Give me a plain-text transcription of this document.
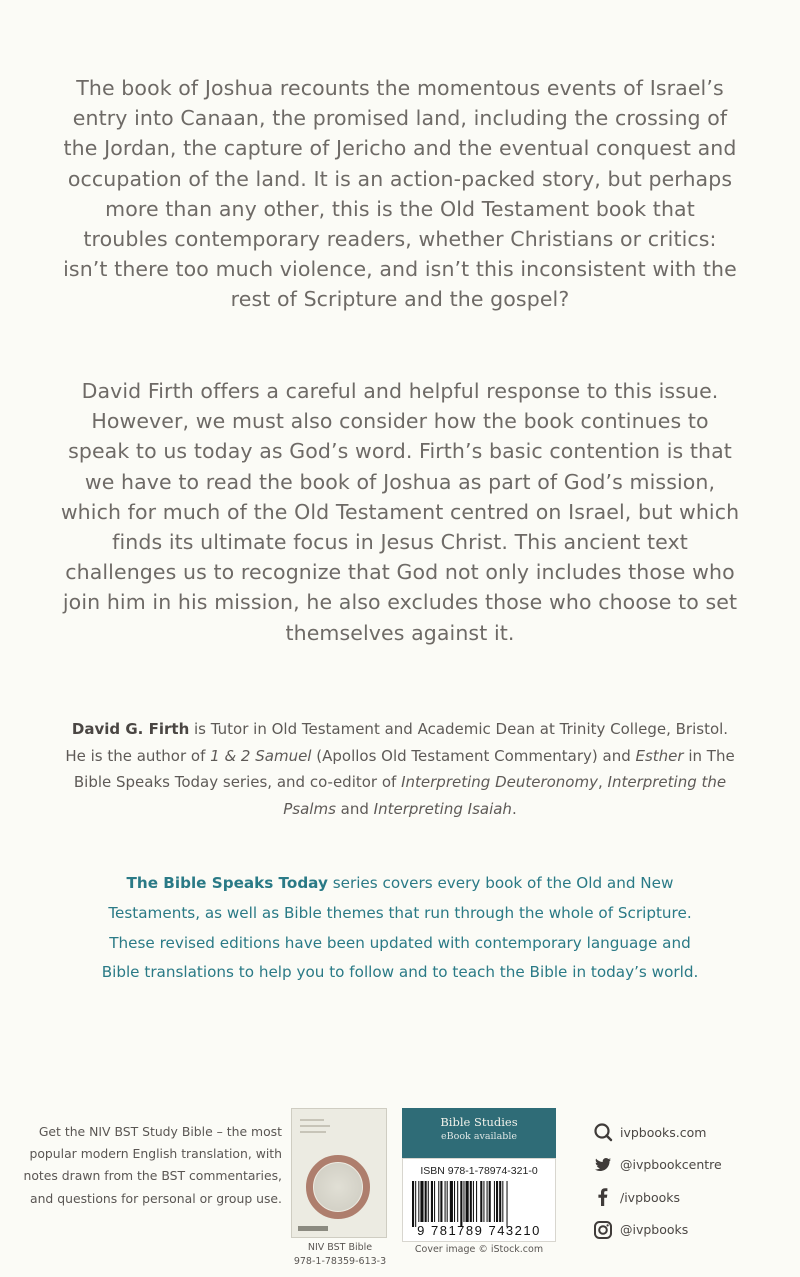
The book of Joshua recounts the momentous events of Israel’s entry into Canaan, the promised land, including the crossing of the Jordan, the capture of Jericho and the eventual conquest and occupation of the land. It is an action-packed story, but perhaps more than any other, this is the Old Testament book that troubles contemporary readers, whether Christians or critics: isn’t there too much violence, and isn’t this inconsistent with the rest of Scripture and the gospel?

David Firth offers a careful and helpful response to this issue. However, we must also consider how the book continues to speak to us today as God’s word. Firth’s basic contention is that we have to read the book of Joshua as part of God’s mission, which for much of the Old Testament centred on Israel, but which finds its ultimate focus in Jesus Christ. This ancient text challenges us to recognize that God not only includes those who join him in his mission, he also excludes those who choose to set themselves against it.

David G. Firth is Tutor in Old Testament and Academic Dean at Trinity College, Bristol. He is the author of 1 & 2 Samuel (Apollos Old Testament Commentary) and Esther in The Bible Speaks Today series, and co-editor of Interpreting Deuteronomy, Interpreting the Psalms and Interpreting Isaiah.
The Bible Speaks Today series covers every book of the Old and New Testaments, as well as Bible themes that run through the whole of Scripture. These revised editions have been updated with contemporary language and Bible translations to help you to follow and to teach the Bible in today’s world.
Get the NIV BST Study Bible – the most popular modern English translation, with notes drawn from the BST commentaries, and questions for personal or group use.
NIV BST Bible
978-1-78359-613-3
Bible Studies
eBook available
ISBN 978-1-78974-321-0
9 781789 743210
Cover image © iStock.com
ivpbooks.com
@ivpbookcentre
/ivpbooks
@ivpbooks
